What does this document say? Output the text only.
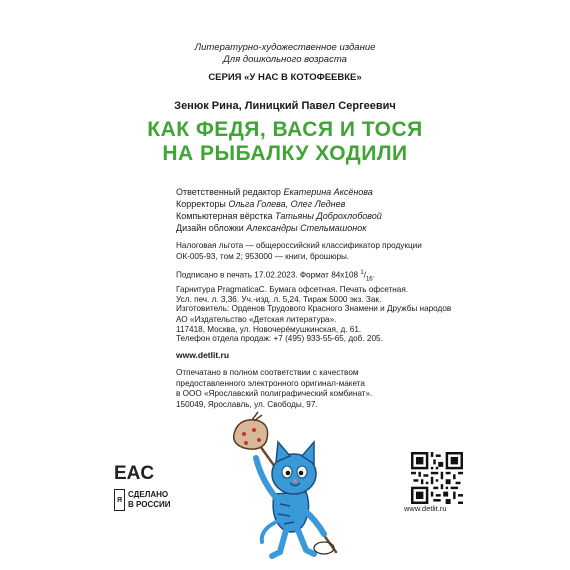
Литературно-художественное издание
Для дошкольного возраста
СЕРИЯ «У НАС В КОТОФЕЕВКЕ»
Зенюк Рина, Линицкий Павел Сергеевич
КАК ФЕДЯ, ВАСЯ И ТОСЯ
НА РЫБАЛКУ ХОДИЛИ
Ответственный редактор Екатерина Аксёнова
Корректоры Ольга Голева, Олег Леднев
Компьютерная вёрстка Татьяны Доброхлобовой
Дизайн обложки Александры Стельмашонок
Налоговая льгота — общероссийский классификатор продукции
ОК-005-93, том 2; 953000 — книги, брошюры.
Подписано в печать 17.02.2023. Формат 84х108 $^1/_{16}$.
Гарнитура PragmaticaC. Бумага офсетная. Печать офсетная.
Усл. печ. л. 3,36. Уч.-изд. л. 5,24. Тираж 5000 экз. Зак.
Изготовитель: Орденов Трудового Красного Знамени и Дружбы народов
АО «Издательство «Детская литература».
117418, Москва, ул. Новочерёмушкинская, д. 61.
Телефон отдела продаж: +7 (495) 933-55-65, доб. 205.
www.detlit.ru
Отпечатано в полном соответствии с качеством
предоставленного электронного оригинал-макета
в ООО «Ярославский полиграфический комбинат».
150049, Ярославль, ул. Свободы, 97.
EAC
Я
СДЕЛАНО
В РОССИИ	www.detlit.ru
